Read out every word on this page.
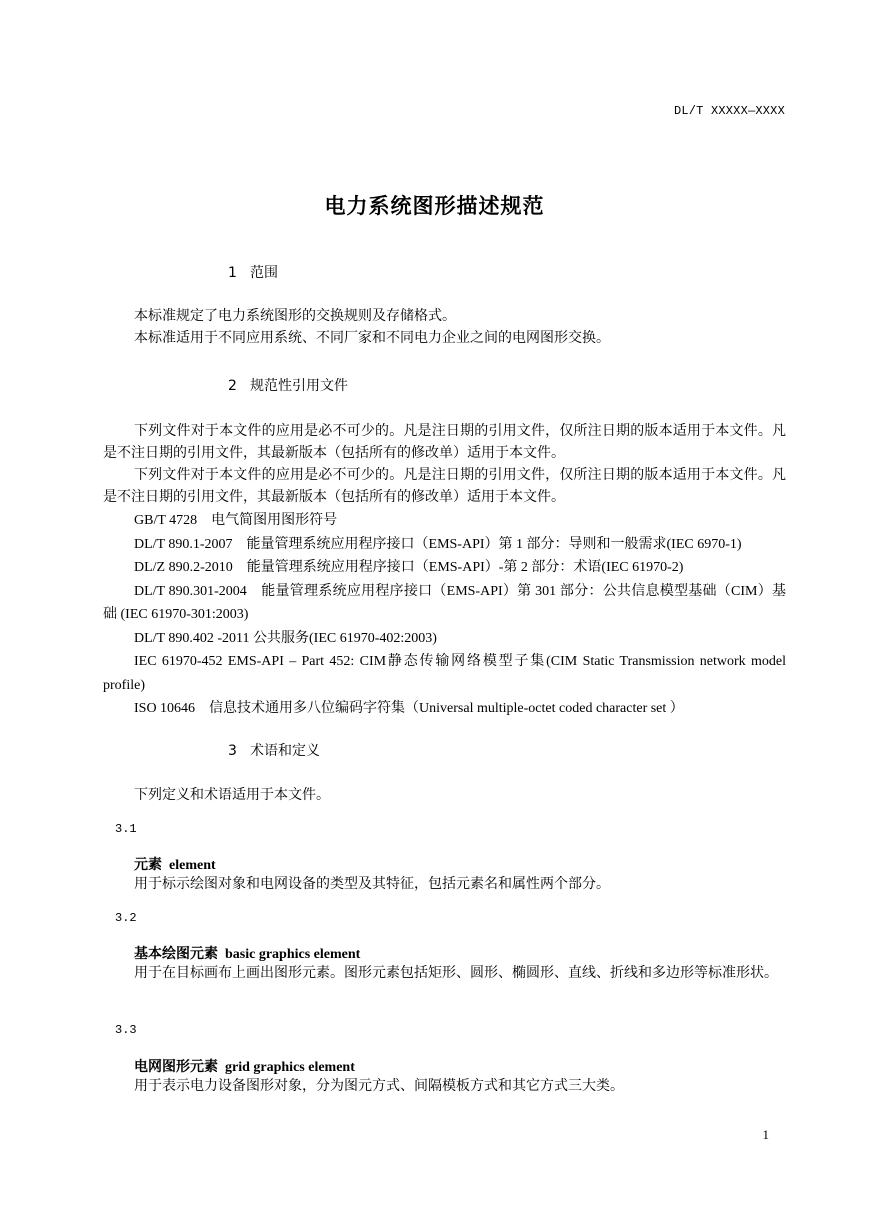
DL/T XXXXX—XXXX
电力系统图形描述规范
1 范围

本标准规定了电力系统图形的交换规则及存储格式。

本标准适用于不同应用系统、不同厂家和不同电力企业之间的电网图形交换。

2 规范性引用文件

下列文件对于本文件的应用是必不可少的。凡是注日期的引用文件，仅所注日期的版本适用于本文件。凡是不注日期的引用文件，其最新版本（包括所有的修改单）适用于本文件。

下列文件对于本文件的应用是必不可少的。凡是注日期的引用文件，仅所注日期的版本适用于本文件。凡是不注日期的引用文件，其最新版本（包括所有的修改单）适用于本文件。

GB/T 4728　电气简图用图形符号

DL/T 890.1-2007　能量管理系统应用程序接口（EMS-API）第 1 部分：导则和一般需求(IEC 6970-1)

DL/Z 890.2-2010　能量管理系统应用程序接口（EMS-API）-第 2 部分：术语(IEC 61970-2)

DL/T 890.301-2004　能量管理系统应用程序接口（EMS-API）第 301 部分：公共信息模型基础（CIM）基础 (IEC 61970-301:2003)

DL/T 890.402 -2011 公共服务(IEC 61970-402:2003)

IEC 61970-452 EMS-API – Part 452: CIM静态传输网络模型子集(CIM Static Transmission network model profile)

ISO 10646　信息技术通用多八位编码字符集（Universal multiple-octet coded character set ）

3 术语和定义

下列定义和术语适用于本文件。

3.1
元素 element

用于标示绘图对象和电网设备的类型及其特征，包括元素名和属性两个部分。

3.2
基本绘图元素 basic graphics element

用于在目标画布上画出图形元素。图形元素包括矩形、圆形、椭圆形、直线、折线和多边形等标准形状。

3.3
电网图形元素 grid graphics element

用于表示电力设备图形对象，分为图元方式、间隔模板方式和其它方式三大类。

1
